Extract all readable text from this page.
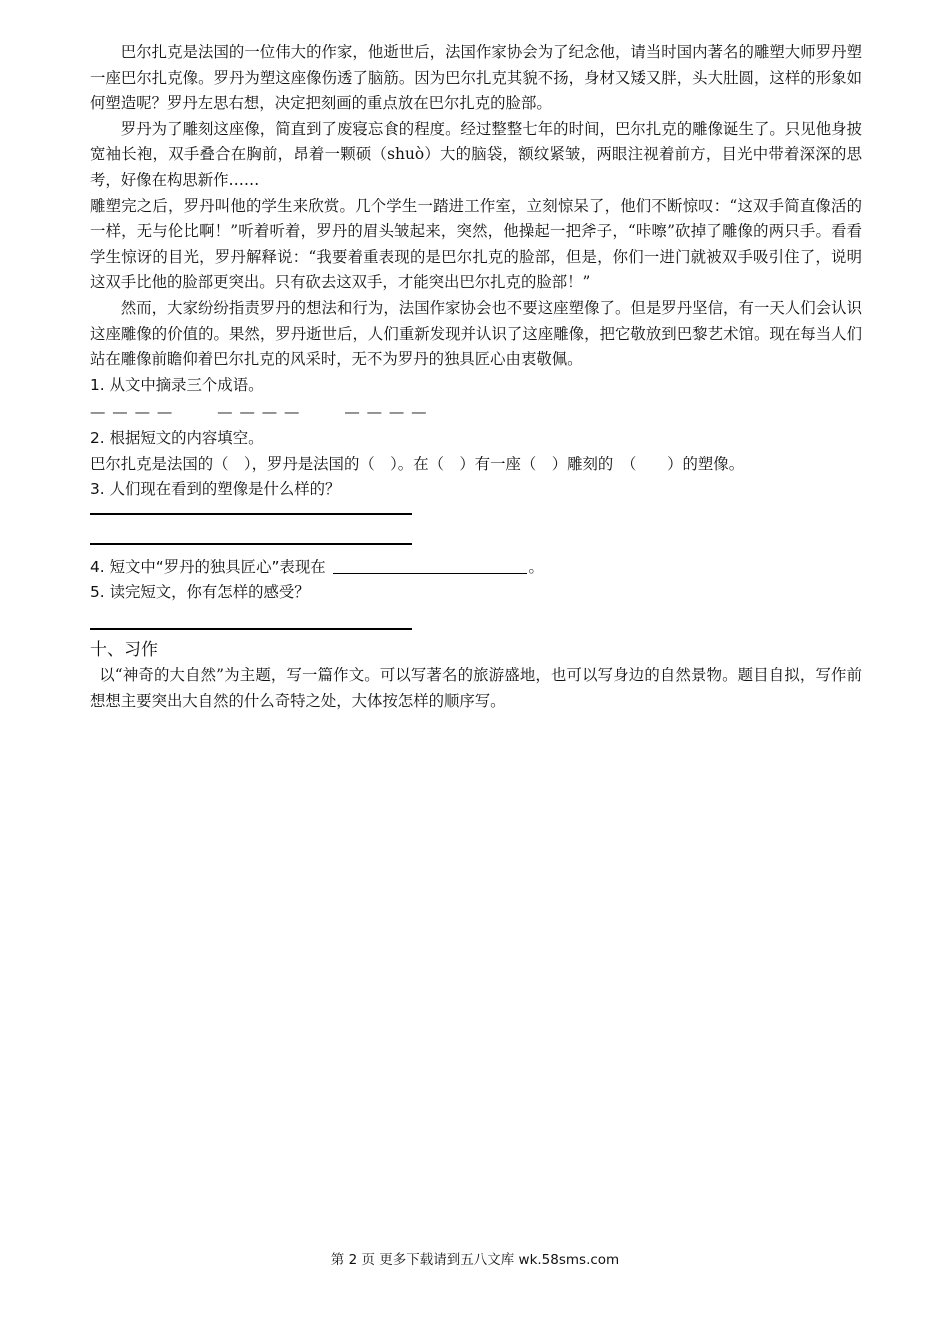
巴尔扎克是法国的一位伟大的作家，他逝世后，法国作家协会为了纪念他，请当时国内著名的雕塑大师罗丹塑一座巴尔扎克像。罗丹为塑这座像伤透了脑筋。因为巴尔扎克其貌不扬，身材又矮又胖，头大肚圆，这样的形象如何塑造呢？罗丹左思右想，决定把刻画的重点放在巴尔扎克的脸部。

罗丹为了雕刻这座像，简直到了废寝忘食的程度。经过整整七年的时间，巴尔扎克的雕像诞生了。只见他身披宽袖长袍，双手叠合在胸前，昂着一颗硕（shuò）大的脑袋，额纹紧皱，两眼注视着前方，目光中带着深深的思考，好像在构思新作……

雕塑完之后，罗丹叫他的学生来欣赏。几个学生一踏进工作室，立刻惊呆了，他们不断惊叹：“这双手简直像活的一样，无与伦比啊！”听着听着，罗丹的眉头皱起来，突然，他操起一把斧子，“咔嚓”砍掉了雕像的两只手。看看学生惊讶的目光，罗丹解释说：“我要着重表现的是巴尔扎克的脸部，但是，你们一进门就被双手吸引住了，说明这双手比他的脸部更突出。只有砍去这双手，才能突出巴尔扎克的脸部！”

然而，大家纷纷指责罗丹的想法和行为，法国作家协会也不要这座塑像了。但是罗丹坚信，有一天人们会认识这座雕像的价值的。果然，罗丹逝世后，人们重新发现并认识了这座雕像，把它敬放到巴黎艺术馆。现在每当人们站在雕像前瞻仰着巴尔扎克的风采时，无不为罗丹的独具匠心由衷敬佩。

1. 从文中摘录三个成语。

— — — —	— — — —	— — — —

2. 根据短文的内容填空。

巴尔扎克是法国的（　），罗丹是法国的（　）。在（　）有一座（　）雕刻的　（　　）的塑像。

3. 人们现在看到的塑像是什么样的？

4. 短文中“罗丹的独具匠心”表现在	。

5. 读完短文，你有怎样的感受？

十、习作

以“神奇的大自然”为主题，写一篇作文。可以写著名的旅游盛地，也可以写身边的自然景物。题目自拟，写作前想想主要突出大自然的什么奇特之处，大体按怎样的顺序写。

第 2 页 更多下载请到五八文库 wk.58sms.com
